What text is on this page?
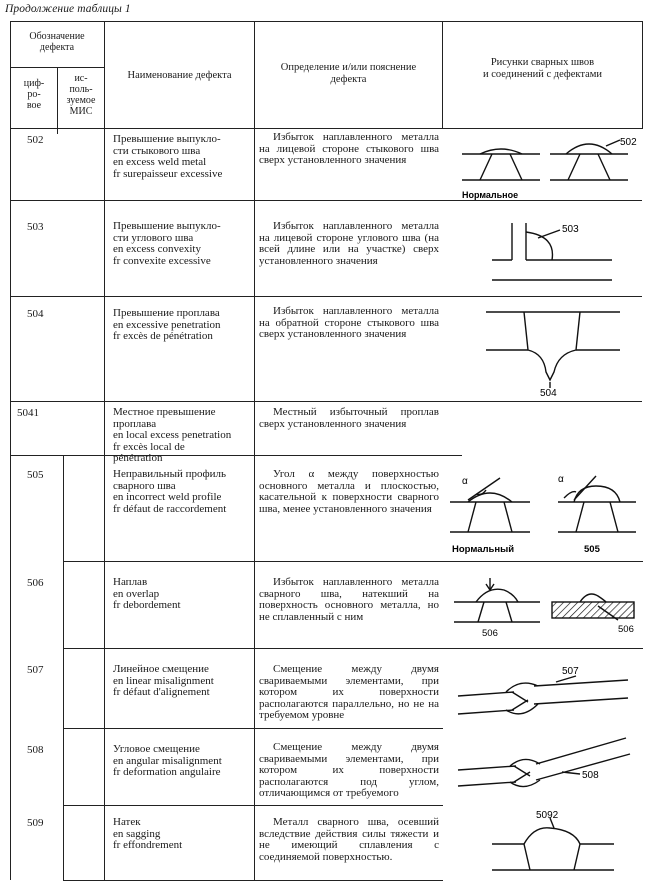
Продолжение таблицы 1
Обозначение дефекта
циф-
ро-
вое
ис-
поль-
зуемое
МИС
Наименование дефекта
Определение и/или пояснение
дефекта
Рисунки сварных швов
и соединений с дефектами
502	Превышение выпукло-
сти стыкового шва
en excess weld metal
fr surepaisseur excessive
Избыток наплавленного металла на лицевой стороне стыкового шва сверх установленного значения
502
Нормальное
503	Превышение выпукло-
сти углового шва
en excess convexity
fr convexite excessive
Избыток наплавленного металла на лицевой стороне углового шва (на всей длине или на участке) сверх установленного значения
503
504	Превышение проплава
en excessive penetration
fr excès de pénétration
Избыток наплавленного металла на обратной стороне стыкового шва сверх установленного значения
504
5041	Местное превышение
проплава
en local excess penetration
fr excès local de
pénétration
Местный избыточный проплав сверх установленного значения
505	Неправильный профиль
сварного шва
en incorrect weld profile
fr défaut de raccordement
Угол α между поверхностью основного металла и плоскостью, касательной к поверхности сварного шва, менее установленного значения
α	α
Нормальный	505
506	Наплав
en overlap
fr debordement
Избыток наплавленного металла сварного шва, натекший на поверхность основного металла, но не сплавленный с ним
506	506
507	Линейное смещение
en linear misalignment
fr défaut d'alignement
Смещение между двумя свариваемыми элементами, при котором их поверхности располагаются параллельно, но не на требуемом уровне
507
508	Угловое смещение
en angular misalignment
fr deformation angulaire
Смещение между двумя свариваемыми элементами, при котором их поверхности располагаются под углом, отличающимся от требуемого
508
509	Натек
en sagging
fr effondrement
Металл сварного шва, осевший вследствие действия силы тяжести и не имеющий сплавления с соединяемой поверхностью.
5092
